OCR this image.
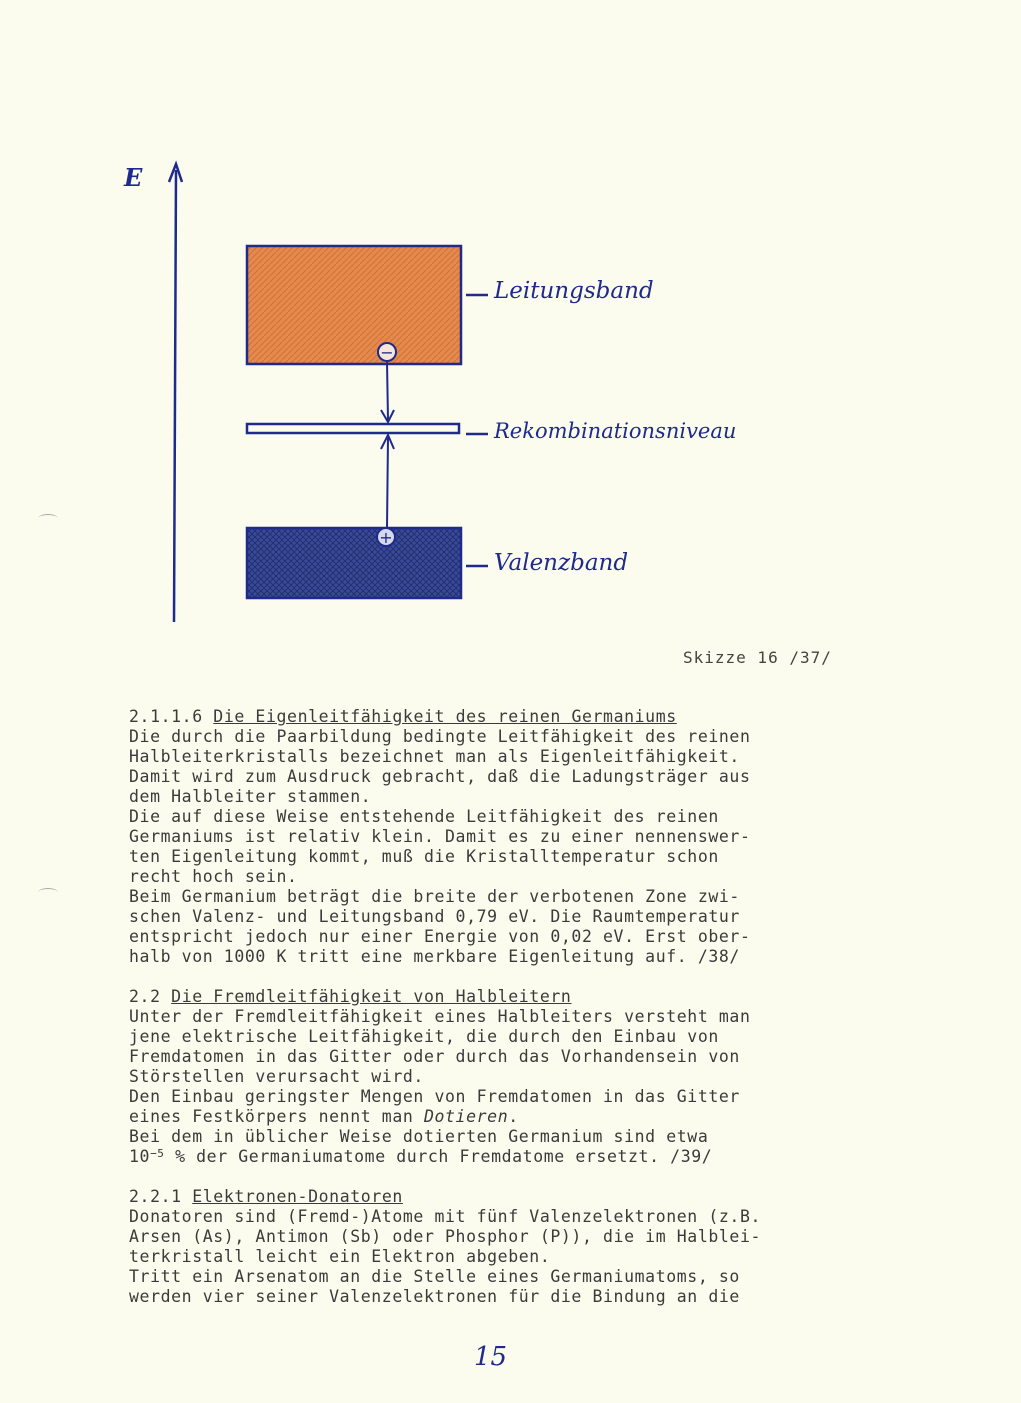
E
Leitungsband
−
Rekombinationsniveau
Valenzband
+
Skizze 16 /37/
2.1.1.6 Die Eigenleitfähigkeit des reinen Germaniums
Die durch die Paarbildung bedingte Leitfähigkeit des reinen
Halbleiterkristalls bezeichnet man als Eigenleitfähigkeit.
Damit wird zum Ausdruck gebracht, daß die Ladungsträger aus
dem Halbleiter stammen.
Die auf diese Weise entstehende Leitfähigkeit des reinen
Germaniums ist relativ klein. Damit es zu einer nennenswer-
ten Eigenleitung kommt, muß die Kristalltemperatur schon
recht hoch sein.
Beim Germanium beträgt die breite der verbotenen Zone zwi-
schen Valenz- und Leitungsband 0,79 eV. Die Raumtemperatur
entspricht jedoch nur einer Energie von 0,02 eV. Erst ober-
halb von 1000 K tritt eine merkbare Eigenleitung auf. /38/
2.2 Die Fremdleitfähigkeit von Halbleitern
Unter der Fremdleitfähigkeit eines Halbleiters versteht man
jene elektrische Leitfähigkeit, die durch den Einbau von
Fremdatomen in das Gitter oder durch das Vorhandensein von
Störstellen verursacht wird.
Den Einbau geringster Mengen von Fremdatomen in das Gitter
eines Festkörpers nennt man Dotieren.
Bei dem in üblicher Weise dotierten Germanium sind etwa
$10^{-5}$ % der Germaniumatome durch Fremdatome ersetzt. /39/
2.2.1 Elektronen-Donatoren
Donatoren sind (Fremd-)Atome mit fünf Valenzelektronen (z.B.
Arsen (As), Antimon (Sb) oder Phosphor (P)), die im Halblei-
terkristall leicht ein Elektron abgeben.
Tritt ein Arsenatom an die Stelle eines Germaniumatoms, so
werden vier seiner Valenzelektronen für die Bindung an die
15
